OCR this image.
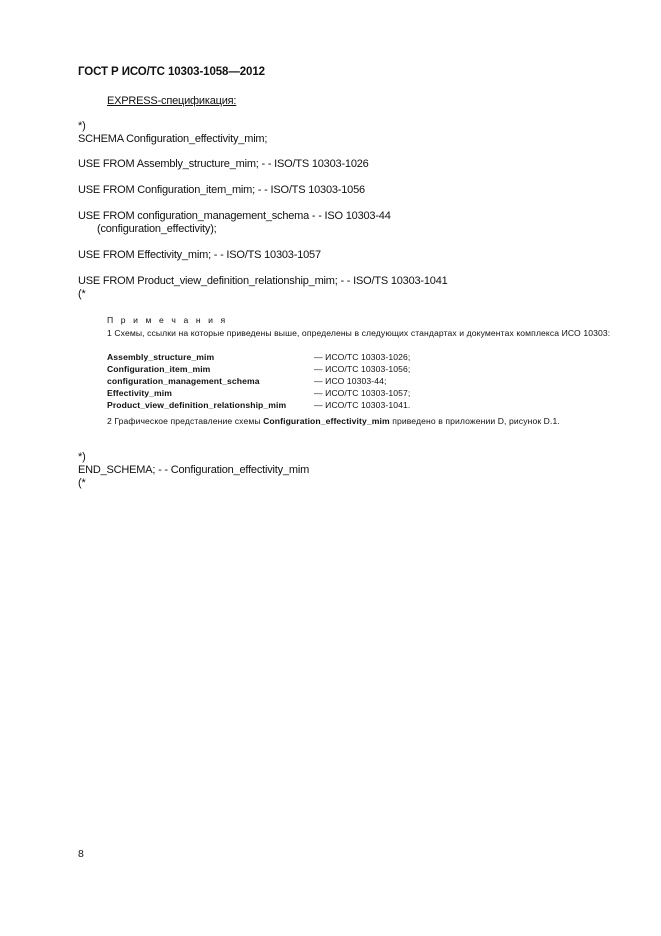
ГОСТ Р ИСО/ТС 10303-1058—2012
EXPRESS-спецификация:
*)
SCHEMA Configuration_effectivity_mim;
USE FROM Assembly_structure_mim; - - ISO/TS 10303-1026
USE FROM Configuration_item_mim; - - ISO/TS 10303-1056
USE FROM configuration_management_schema - - ISO 10303-44
(configuration_effectivity);
USE FROM Effectivity_mim; - - ISO/TS 10303-1057
USE FROM Product_view_definition_relationship_mim; - - ISO/TS 10303-1041
(*
П р и м е ч а н и я
1 Схемы, ссылки на которые приведены выше, определены в следующих стандартах и документах комплекса ИСО 10303:
Assembly_structure_mim	— ИСО/ТС 10303-1026;
Configuration_item_mim	— ИСО/ТС 10303-1056;
configuration_management_schema	— ИСО 10303-44;
Effectivity_mim	— ИСО/ТС 10303-1057;
Product_view_definition_relationship_mim	— ИСО/ТС 10303-1041.
2 Графическое представление схемы Configuration_effectivity_mim приведено в приложении D, рисунок D.1.
*)
END_SCHEMA; - - Configuration_effectivity_mim
(*
8
